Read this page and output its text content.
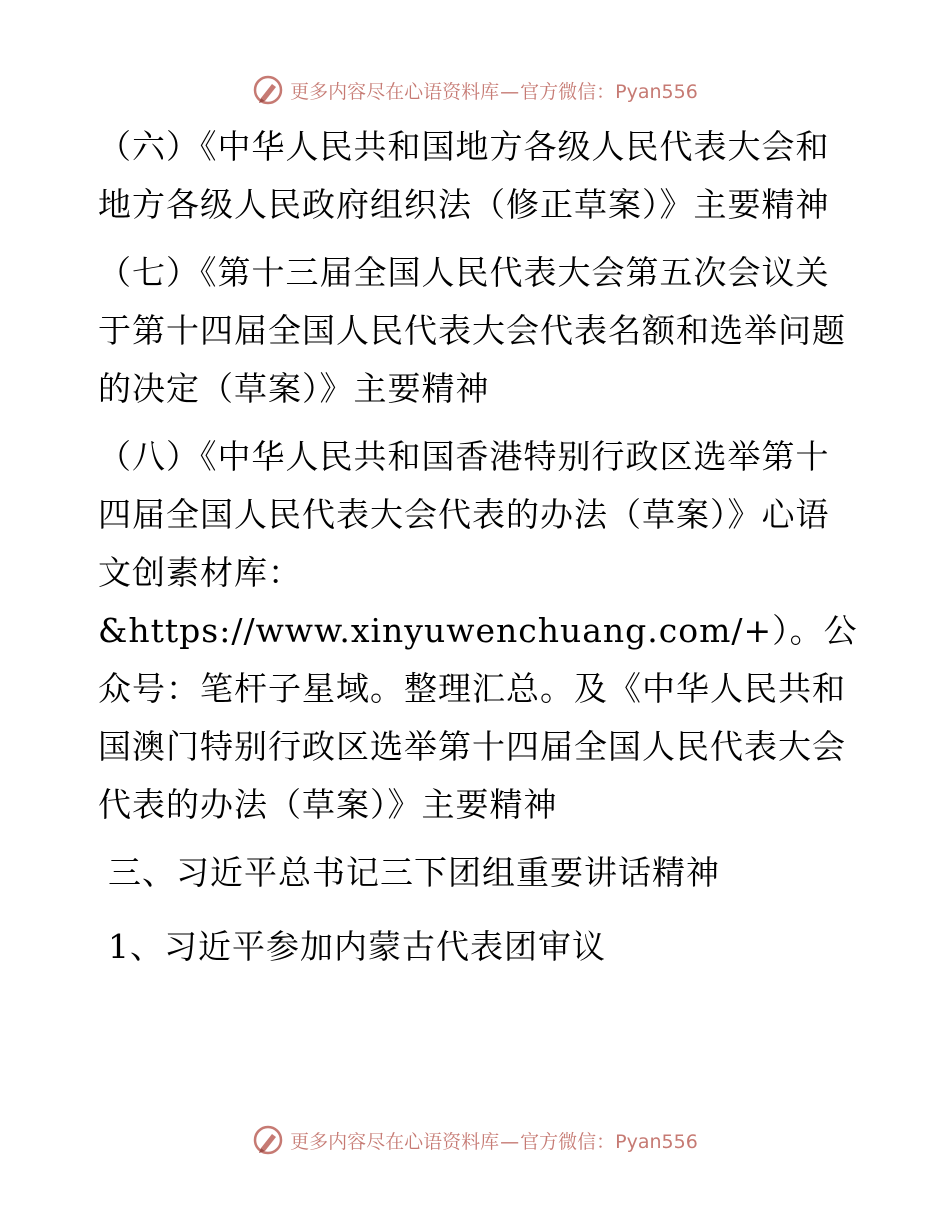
更多内容尽在心语资料库—官方微信：Pyan556

（六）《中华人民共和国地方各级人民代表大会和地方各级人民政府组织法（修正草案）》主要精神

（七）《第十三届全国人民代表大会第五次会议关于第十四届全国人民代表大会代表名额和选举问题的决定（草案）》主要精神

（八）《中华人民共和国香港特别行政区选举第十四届全国人民代表大会代表的办法（草案）》心语文创素材库：&https://www.xinyuwenchuang.com/+）。公众号：笔杆子星域。整理汇总。及《中华人民共和国澳门特别行政区选举第十四届全国人民代表大会代表的办法（草案）》主要精神

三、习近平总书记三下团组重要讲话精神

1、习近平参加内蒙古代表团审议

更多内容尽在心语资料库—官方微信：Pyan556
